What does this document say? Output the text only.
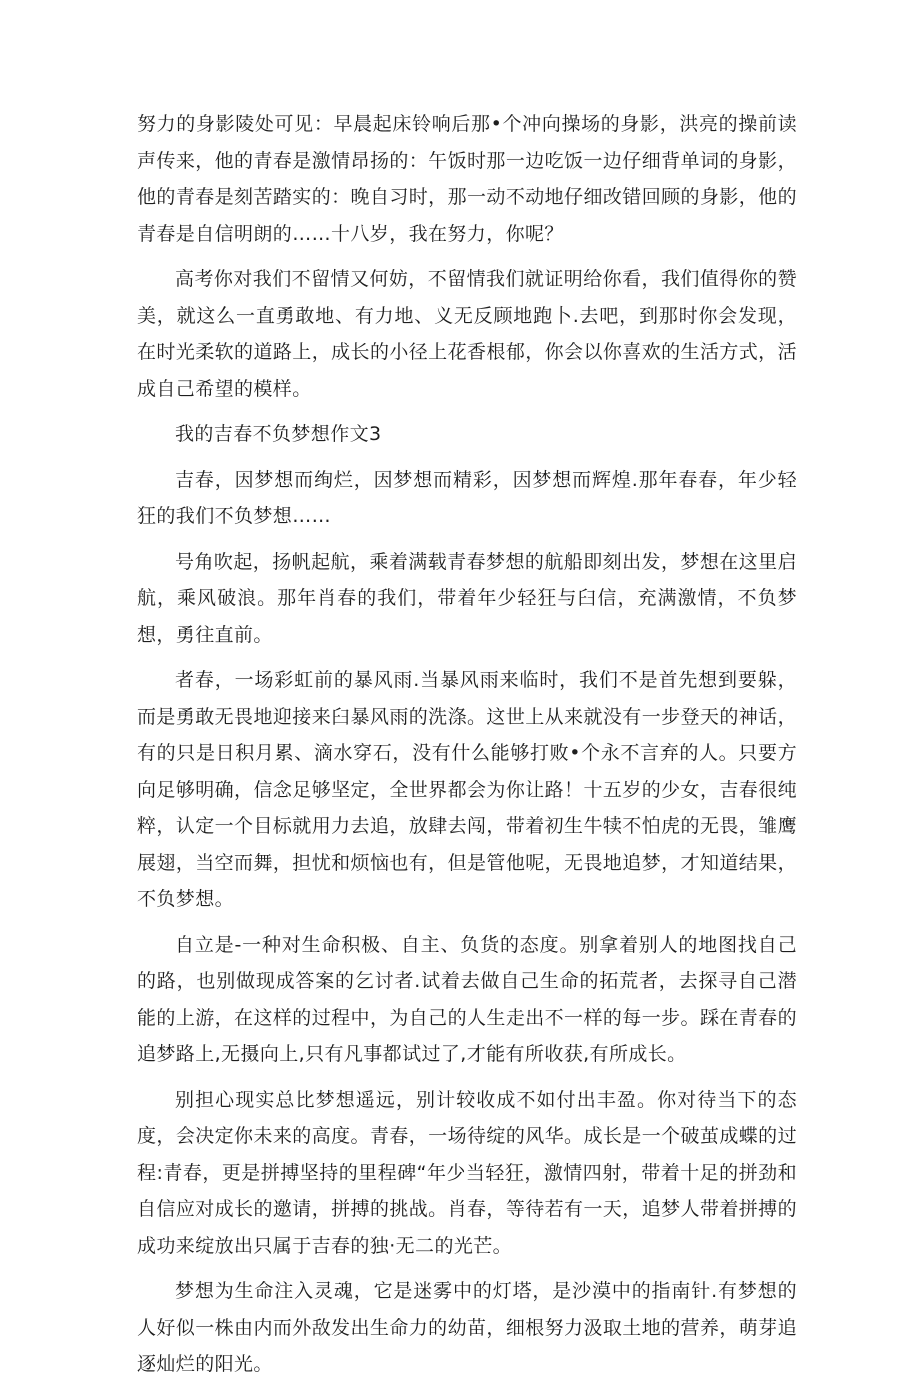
努力的身影陵处可见：早晨起床铃响后那•个冲向操场的身影，洪亮的操前读声传来，他的青春是激情昂扬的：午饭时那一边吃饭一边仔细背单词的身影，他的青春是刻苦踏实的：晚自习时，那一动不动地仔细改错回顾的身影，他的青春是自信明朗的……十八岁，我在努力，你呢？

高考你对我们不留情又何妨，不留情我们就证明给你看，我们值得你的赞美，就这么一直勇敢地、有力地、义无反顾地跑卜.去吧，到那时你会发现，在时光柔软的道路上，成长的小径上花香根郁，你会以你喜欢的生活方式，活成自己希望的模样。

我的吉春不负梦想作文3

吉春，因梦想而绚烂，因梦想而精彩，因梦想而辉煌.那年春春，年少轻狂的我们不负梦想……

号角吹起，扬帆起航，乘着满载青春梦想的航船即刻出发，梦想在这里启航，乘风破浪。那年肖春的我们，带着年少轻狂与臼信，充满激情，不负梦想，勇往直前。

者春，一场彩虹前的暴风雨.当暴风雨来临时，我们不是首先想到要躲，而是勇敢无畏地迎接来臼暴风雨的洗涤。这世上从来就没有一步登天的神话，有的只是日积月累、滴水穿石，没有什么能够打败•个永不言弃的人。只要方向足够明确，信念足够坚定，全世界都会为你让路！十五岁的少女，吉春很纯粹，认定一个目标就用力去追，放肆去闯，带着初生牛犊不怕虎的无畏，雏鹰展翅，当空而舞，担忧和烦恼也有，但是管他呢，无畏地追梦，才知道结果，不负梦想。

自立是-一种对生命积极、自主、负货的态度。别拿着别人的地图找自己的路，也别做现成答案的乞讨者.试着去做自己生命的拓荒者，去探寻自己潜能的上游，在这样的过程中，为自己的人生走出不一样的每一步。踩在青春的追梦路上,无摄向上,只有凡事都试过了,才能有所收获,有所成长。

别担心现实总比梦想遥远，别计较收成不如付出丰盈。你对待当下的态度，会决定你未来的高度。青春，一场待绽的风华。成长是一个破茧成蝶的过程:青春，更是拼搏坚持的里程碑“年少当轻狂，激情四射，带着十足的拼劲和自信应对成长的邀请，拼搏的挑战。肖春，等待若有一天，追梦人带着拼搏的成功来绽放出只属于吉春的独·无二的光芒。

梦想为生命注入灵魂，它是迷雾中的灯塔，是沙漠中的指南针.有梦想的人好似一株由内而外敌发出生命力的幼苗，细根努力汲取土地的营养，萌芽追逐灿烂的阳光。
